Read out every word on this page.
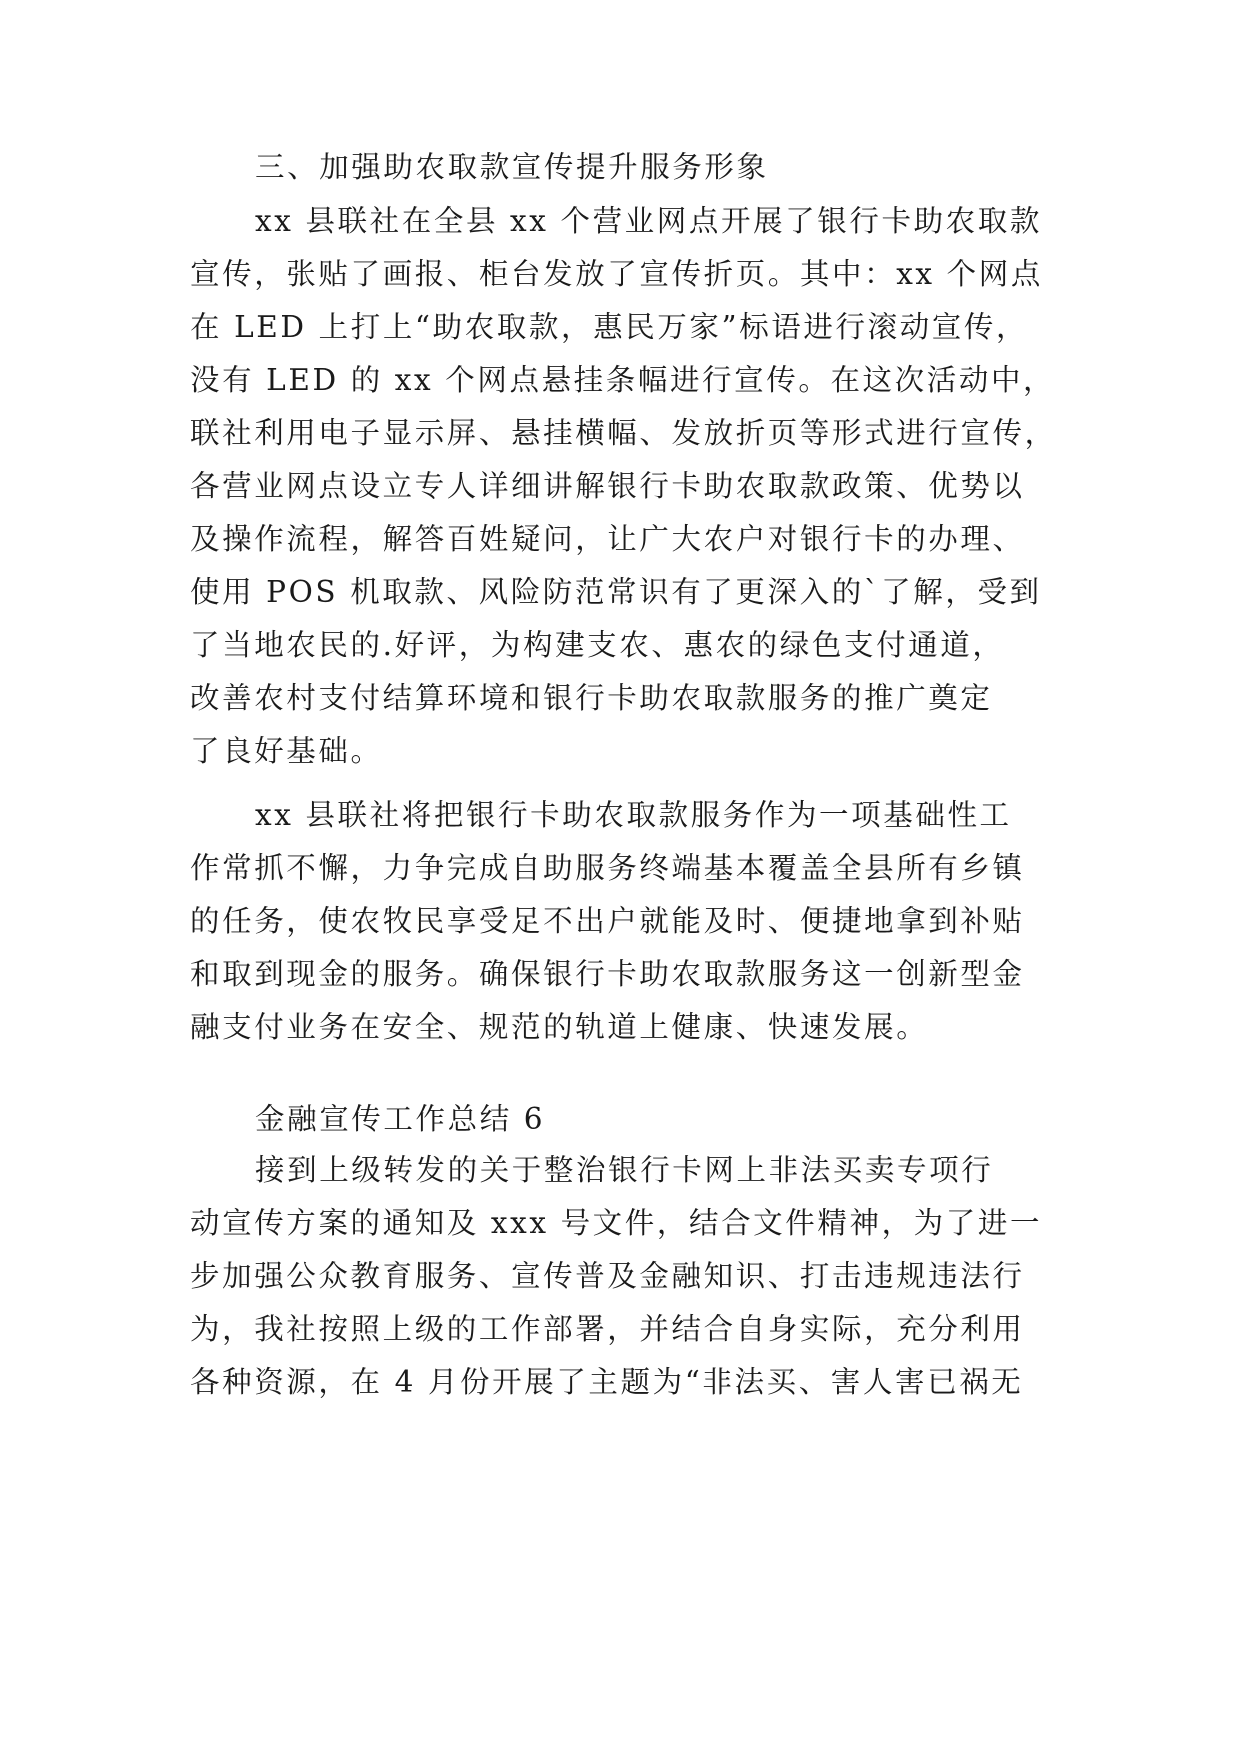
三、加强助农取款宣传提升服务形象
xx 县联社在全县 xx 个营业网点开展了银行卡助农取款
宣传，张贴了画报、柜台发放了宣传折页。其中：xx 个网点
在 LED 上打上“助农取款，惠民万家”标语进行滚动宣传，
没有 LED 的 xx 个网点悬挂条幅进行宣传。在这次活动中，
联社利用电子显示屏、悬挂横幅、发放折页等形式进行宣传，
各营业网点设立专人详细讲解银行卡助农取款政策、优势以
及操作流程，解答百姓疑问，让广大农户对银行卡的办理、
使用 POS 机取款、风险防范常识有了更深入的`了解，受到
了当地农民的.好评，为构建支农、惠农的绿色支付通道，
改善农村支付结算环境和银行卡助农取款服务的推广奠定
了良好基础。
xx 县联社将把银行卡助农取款服务作为一项基础性工
作常抓不懈，力争完成自助服务终端基本覆盖全县所有乡镇
的任务，使农牧民享受足不出户就能及时、便捷地拿到补贴
和取到现金的服务。确保银行卡助农取款服务这一创新型金
融支付业务在安全、规范的轨道上健康、快速发展。
金融宣传工作总结 6
接到上级转发的关于整治银行卡网上非法买卖专项行
动宣传方案的通知及 xxx 号文件，结合文件精神，为了进一
步加强公众教育服务、宣传普及金融知识、打击违规违法行
为，我社按照上级的工作部署，并结合自身实际，充分利用
各种资源，在 4 月份开展了主题为“非法买、害人害已祸无
